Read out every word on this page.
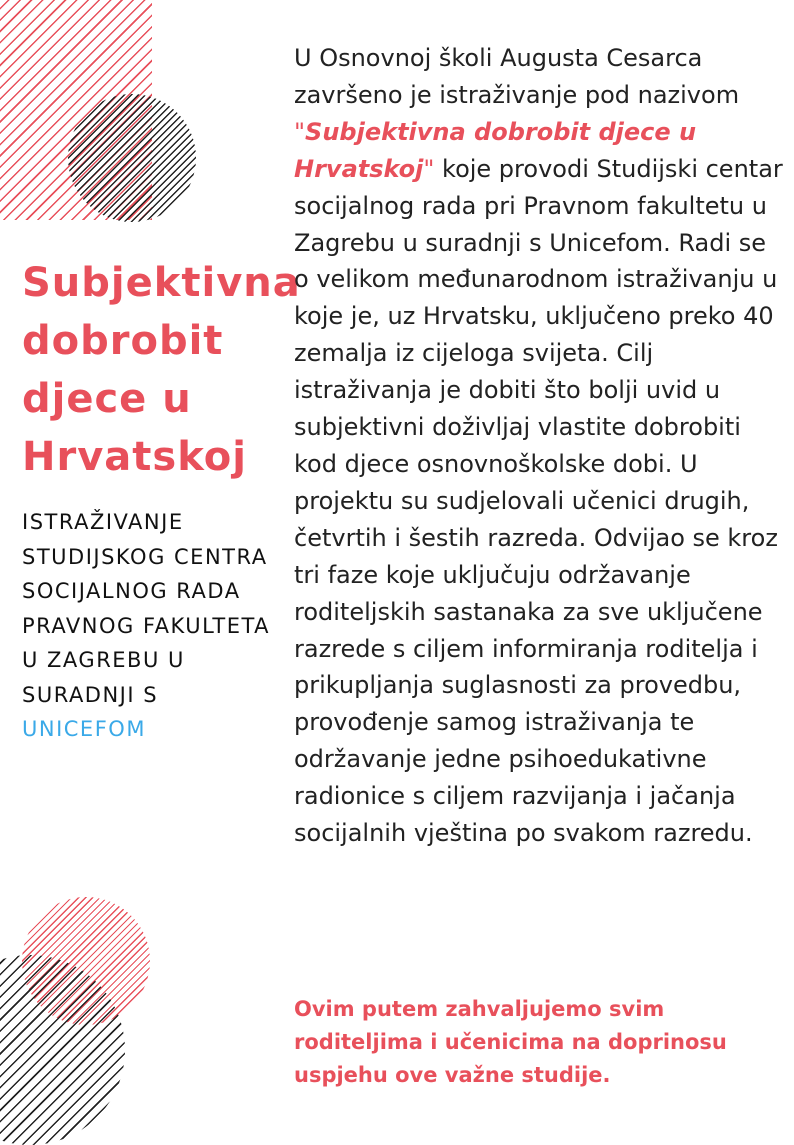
Subjektivna dobrobit djece u Hrvatskoj

ISTRAŽIVANJE STUDIJSKOG CENTRA SOCIJALNOG RADA PRAVNOG FAKULTETA U ZAGREBU U SURADNJI S UNICEFOM

U Osnovnoj školi Augusta Cesarca završeno je istraživanje pod nazivom "Subjektivna dobrobit djece u Hrvatskoj" koje provodi Studijski centar socijalnog rada pri Pravnom fakultetu u Zagrebu u suradnji s Unicefom. Radi se o velikom međunarodnom istraživanju u koje je, uz Hrvatsku, uključeno preko 40 zemalja iz cijeloga svijeta. Cilj istraživanja je dobiti što bolji uvid u subjektivni doživljaj vlastite dobrobiti kod djece osnovnoškolske dobi. U projektu su sudjelovali učenici drugih, četvrtih i šestih razreda. Odvijao se kroz tri faze koje uključuju održavanje roditeljskih sastanaka za sve uključene razrede s ciljem informiranja roditelja i prikupljanja suglasnosti za provedbu, provođenje samog istraživanja te održavanje jedne psihoedukativne radionice s ciljem razvijanja i jačanja socijalnih vještina po svakom razredu.

Ovim putem zahvaljujemo svim roditeljima i učenicima na doprinosu uspjehu ove važne studije.
